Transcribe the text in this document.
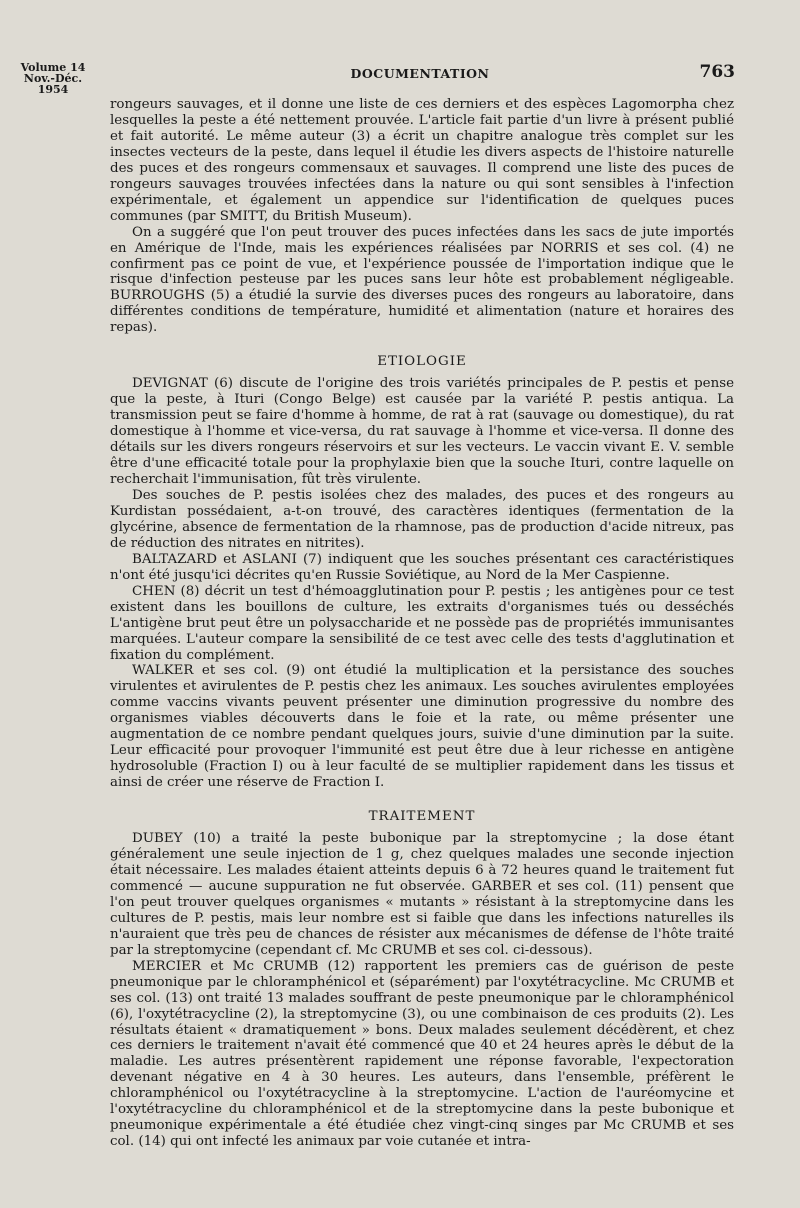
Volume 14
Nov.-Déc. 1954
DOCUMENTATION	763

rongeurs sauvages, et il donne une liste de ces derniers et des espèces Lagomorpha chez lesquelles la peste a été nettement prouvée. L'article fait partie d'un livre à présent publié et fait autorité. Le même auteur (3) a écrit un chapitre analogue très complet sur les insectes vecteurs de la peste, dans lequel il étudie les divers aspects de l'histoire naturelle des puces et des rongeurs commensaux et sauvages. Il comprend une liste des puces de rongeurs sauvages trouvées infectées dans la nature ou qui sont sensibles à l'infection expérimentale, et également un appendice sur l'identification de quelques puces communes (par SMITT, du British Museum).

On a suggéré que l'on peut trouver des puces infectées dans les sacs de jute importés en Amérique de l'Inde, mais les expériences réalisées par NORRIS et ses col. (4) ne confirment pas ce point de vue, et l'expérience poussée de l'importation indique que le risque d'infection pesteuse par les puces sans leur hôte est probablement négligeable. BURROUGHS (5) a étudié la survie des diverses puces des rongeurs au laboratoire, dans différentes conditions de température, humidité et alimentation (nature et horaires des repas).

ETIOLOGIE

DEVIGNAT (6) discute de l'origine des trois variétés principales de P. pestis et pense que la peste, à Ituri (Congo Belge) est causée par la variété P. pestis antiqua. La transmission peut se faire d'homme à homme, de rat à rat (sauvage ou domestique), du rat domestique à l'homme et vice-versa, du rat sauvage à l'homme et vice-versa. Il donne des détails sur les divers rongeurs réservoirs et sur les vecteurs. Le vaccin vivant E. V. semble être d'une efficacité totale pour la prophylaxie bien que la souche Ituri, contre laquelle on recherchait l'immunisation, fût très virulente.

Des souches de P. pestis isolées chez des malades, des puces et des rongeurs au Kurdistan possédaient, a-t-on trouvé, des caractères identiques (fermentation de la glycérine, absence de fermentation de la rhamnose, pas de production d'acide nitreux, pas de réduction des nitrates en nitrites).

BALTAZARD et ASLANI (7) indiquent que les souches présentant ces caractéristiques n'ont été jusqu'ici décrites qu'en Russie Soviétique, au Nord de la Mer Caspienne.

CHEN (8) décrit un test d'hémoagglutination pour P. pestis ; les antigènes pour ce test existent dans les bouillons de culture, les extraits d'organismes tués ou desséchés L'antigène brut peut être un polysaccharide et ne possède pas de propriétés immunisantes marquées. L'auteur compare la sensibilité de ce test avec celle des tests d'agglutination et fixation du complément.

WALKER et ses col. (9) ont étudié la multiplication et la persistance des souches virulentes et avirulentes de P. pestis chez les animaux. Les souches avirulentes employées comme vaccins vivants peuvent présenter une diminution progressive du nombre des organismes viables découverts dans le foie et la rate, ou même présenter une augmentation de ce nombre pendant quelques jours, suivie d'une diminution par la suite. Leur efficacité pour provoquer l'immunité est peut être due à leur richesse en antigène hydrosoluble (Fraction I) ou à leur faculté de se multiplier rapidement dans les tissus et ainsi de créer une réserve de Fraction I.

TRAITEMENT

DUBEY (10) a traité la peste bubonique par la streptomycine ; la dose étant généralement une seule injection de 1 g, chez quelques malades une seconde injection était nécessaire. Les malades étaient atteints depuis 6 à 72 heures quand le traitement fut commencé — aucune suppuration ne fut observée. GARBER et ses col. (11) pensent que l'on peut trouver quelques organismes « mutants » résistant à la streptomycine dans les cultures de P. pestis, mais leur nombre est si faible que dans les infections naturelles ils n'auraient que très peu de chances de résister aux mécanismes de défense de l'hôte traité par la streptomycine (cependant cf. Mc CRUMB et ses col. ci-dessous).

MERCIER et Mc CRUMB (12) rapportent les premiers cas de guérison de peste pneumonique par le chloramphénicol et (séparément) par l'oxytétracycline. Mc CRUMB et ses col. (13) ont traité 13 malades souffrant de peste pneumonique par le chloramphénicol (6), l'oxytétracycline (2), la streptomycine (3), ou une combinaison de ces produits (2). Les résultats étaient « dramatiquement » bons. Deux malades seulement décédèrent, et chez ces derniers le traitement n'avait été commencé que 40 et 24 heures après le début de la maladie. Les autres présentèrent rapidement une réponse favorable, l'expectoration devenant négative en 4 à 30 heures. Les auteurs, dans l'ensemble, préfèrent le chloramphénicol ou l'oxytétracycline à la streptomycine. L'action de l'auréomycine et l'oxytétracycline du chloramphénicol et de la streptomycine dans la peste bubonique et pneumonique expérimentale a été étudiée chez vingt-cinq singes par Mc CRUMB et ses col. (14) qui ont infecté les animaux par voie cutanée et intra-
